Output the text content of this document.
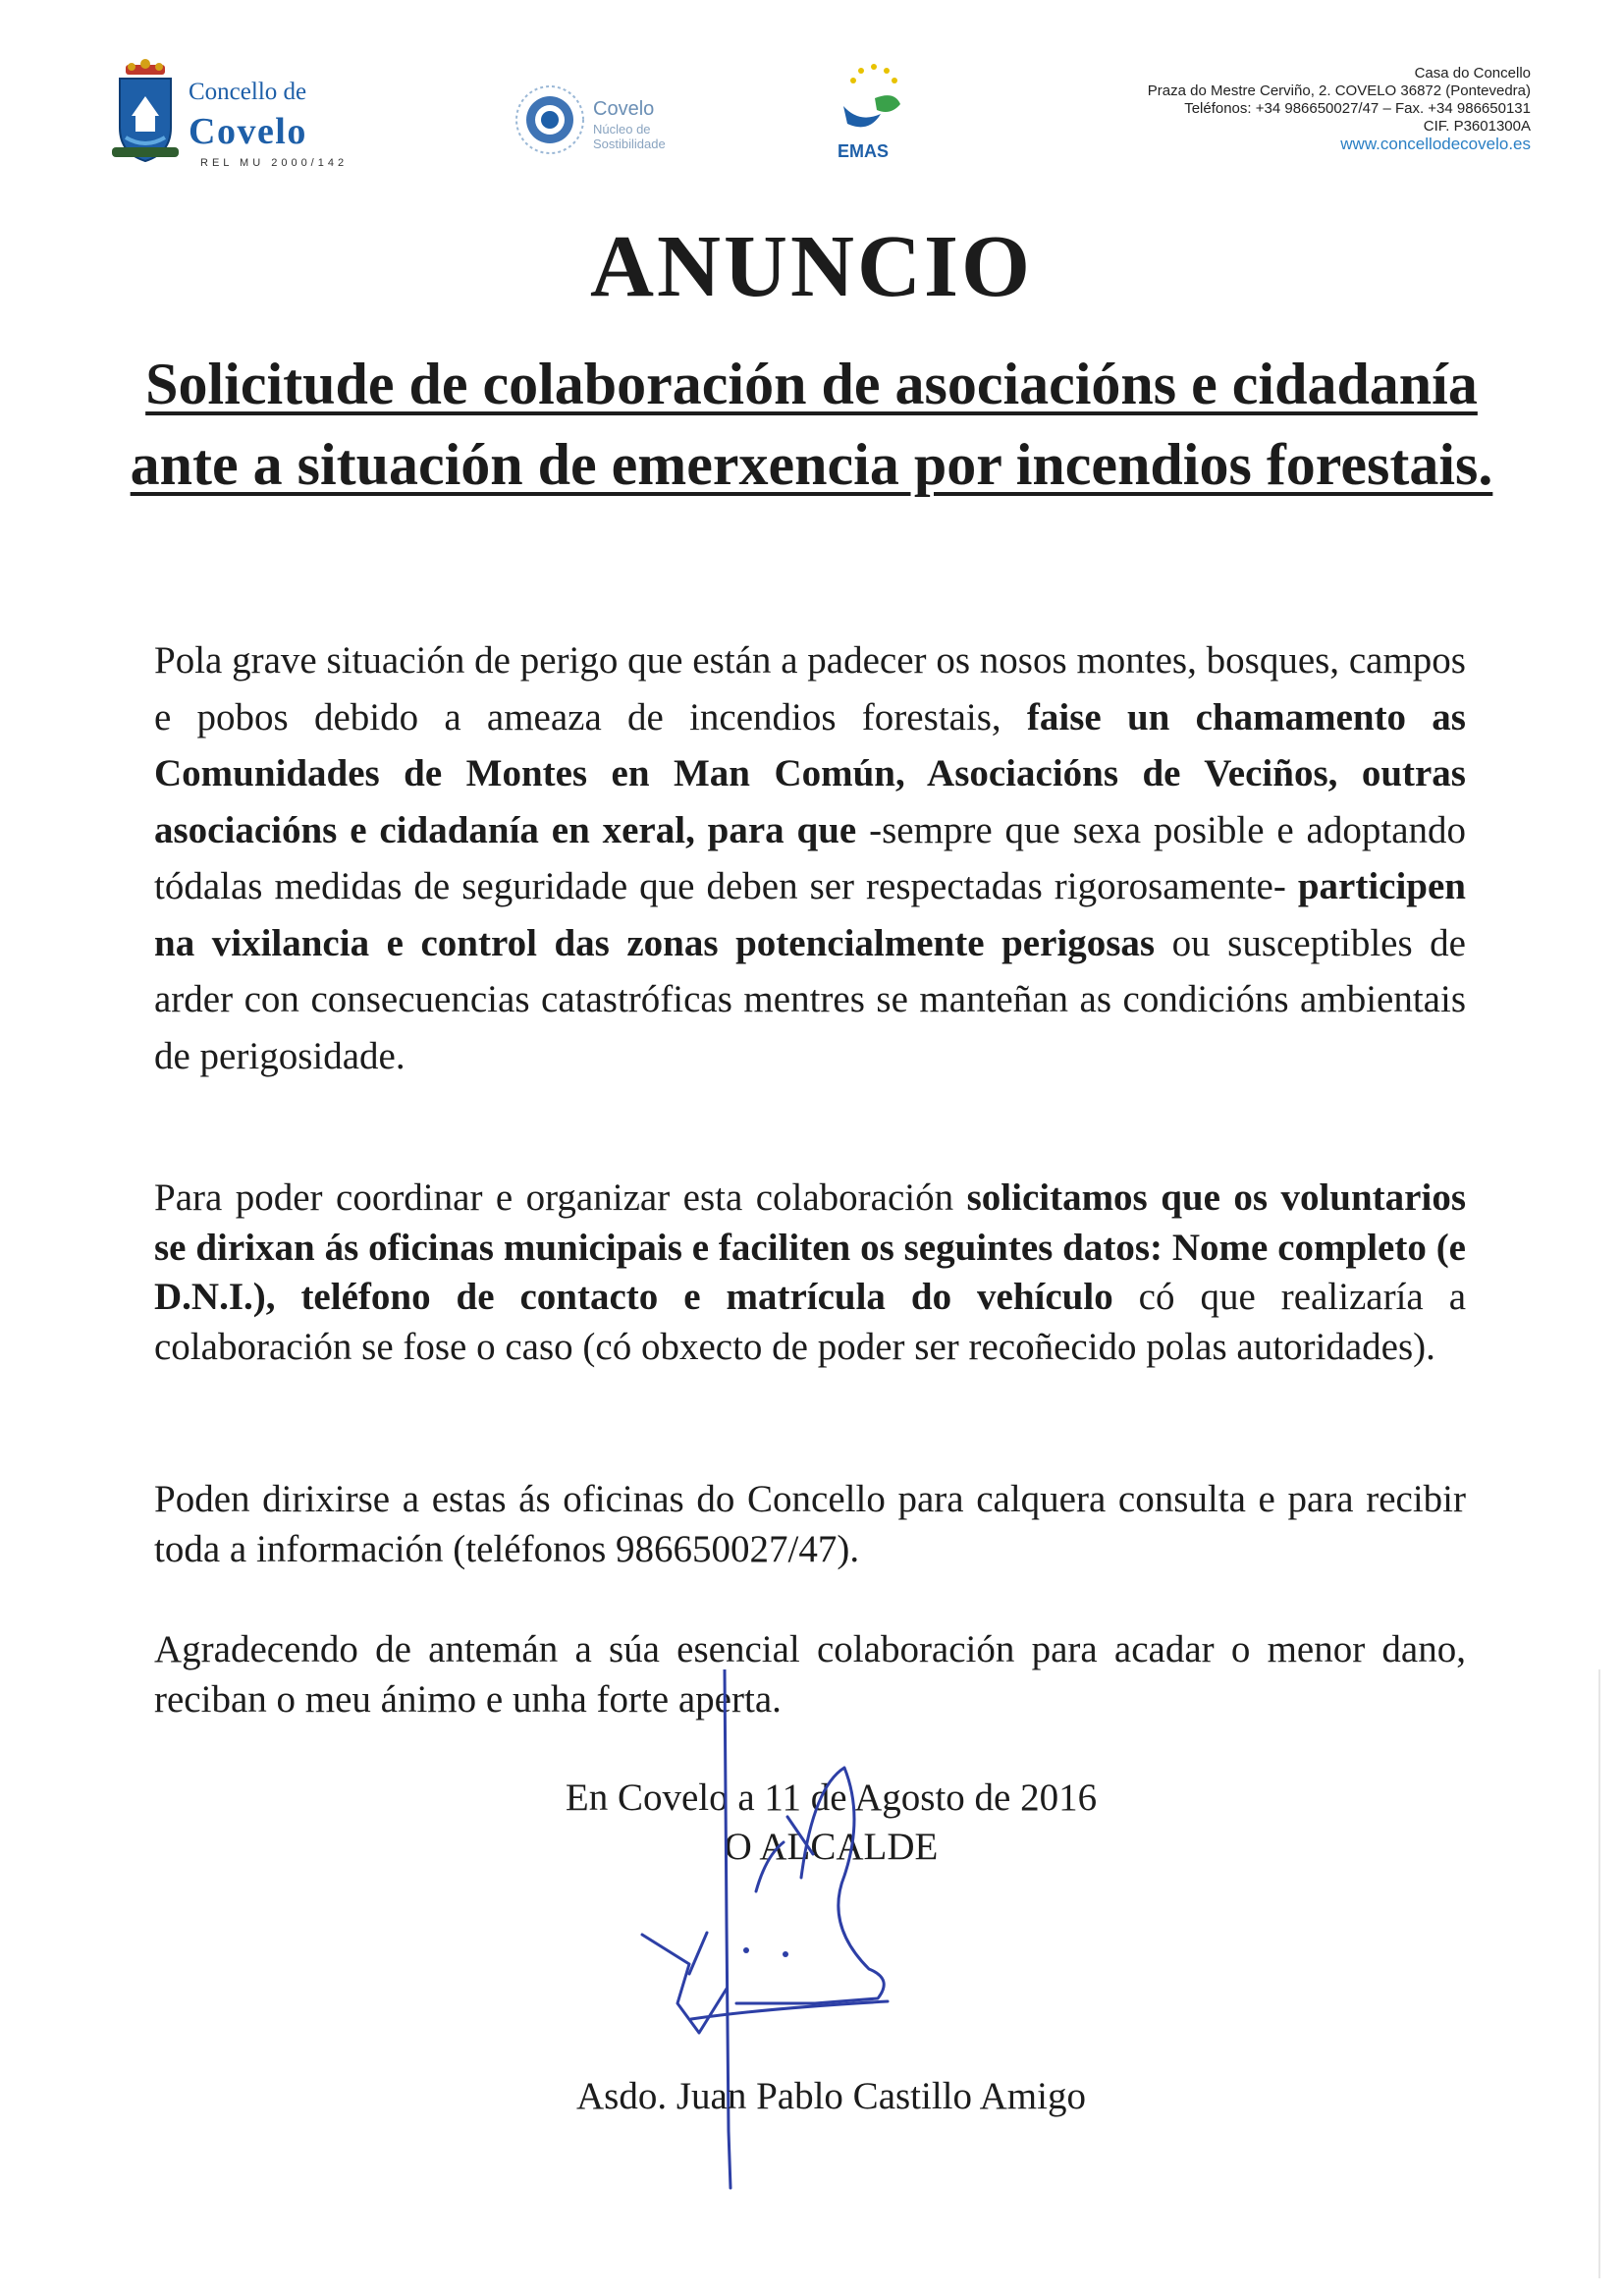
Concello de
Covelo
REL MU 2000/142
Covelo
Núcleo de
Sostibilidade	EMAS
Casa do Concello
Praza do Mestre Cerviño, 2. COVELO 36872 (Pontevedra)
Teléfonos: +34 986650027/47 – Fax. +34 986650131
CIF. P3601300A
www.concellodecovelo.es
ANUNCIO
Solicitude de colaboración de asociacións e cidadanía ante a situación de emerxencia por incendios forestais.
Pola grave situación de perigo que están a padecer os nosos montes, bosques, campos e pobos debido a ameaza de incendios forestais, faise un chamamento as Comunidades de Montes en Man Común, Asociacións de Veciños, outras asociacións e cidadanía en xeral, para que -sempre que sexa posible e adoptando tódalas medidas de seguridade que deben ser respectadas rigorosamente- participen na vixilancia e control das zonas potencialmente perigosas ou susceptibles de arder con consecuencias catastróficas mentres se manteñan as condicións ambientais de perigosidade.
Para poder coordinar e organizar esta colaboración solicitamos que os voluntarios se dirixan ás oficinas municipais e faciliten os seguintes datos: Nome completo (e D.N.I.), teléfono de contacto e matrícula do vehículo có que realizaría a colaboración se fose o caso (có obxecto de poder ser recoñecido polas autoridades).
Poden dirixirse a estas ás oficinas do Concello para calquera consulta e para recibir toda a información (teléfonos 986650027/47).
Agradecendo de antemán a súa esencial colaboración para acadar o menor dano, reciban o meu ánimo e unha forte aperta.
En Covelo a 11 de Agosto de 2016
O ALCALDE
Asdo. Juan Pablo Castillo Amigo
